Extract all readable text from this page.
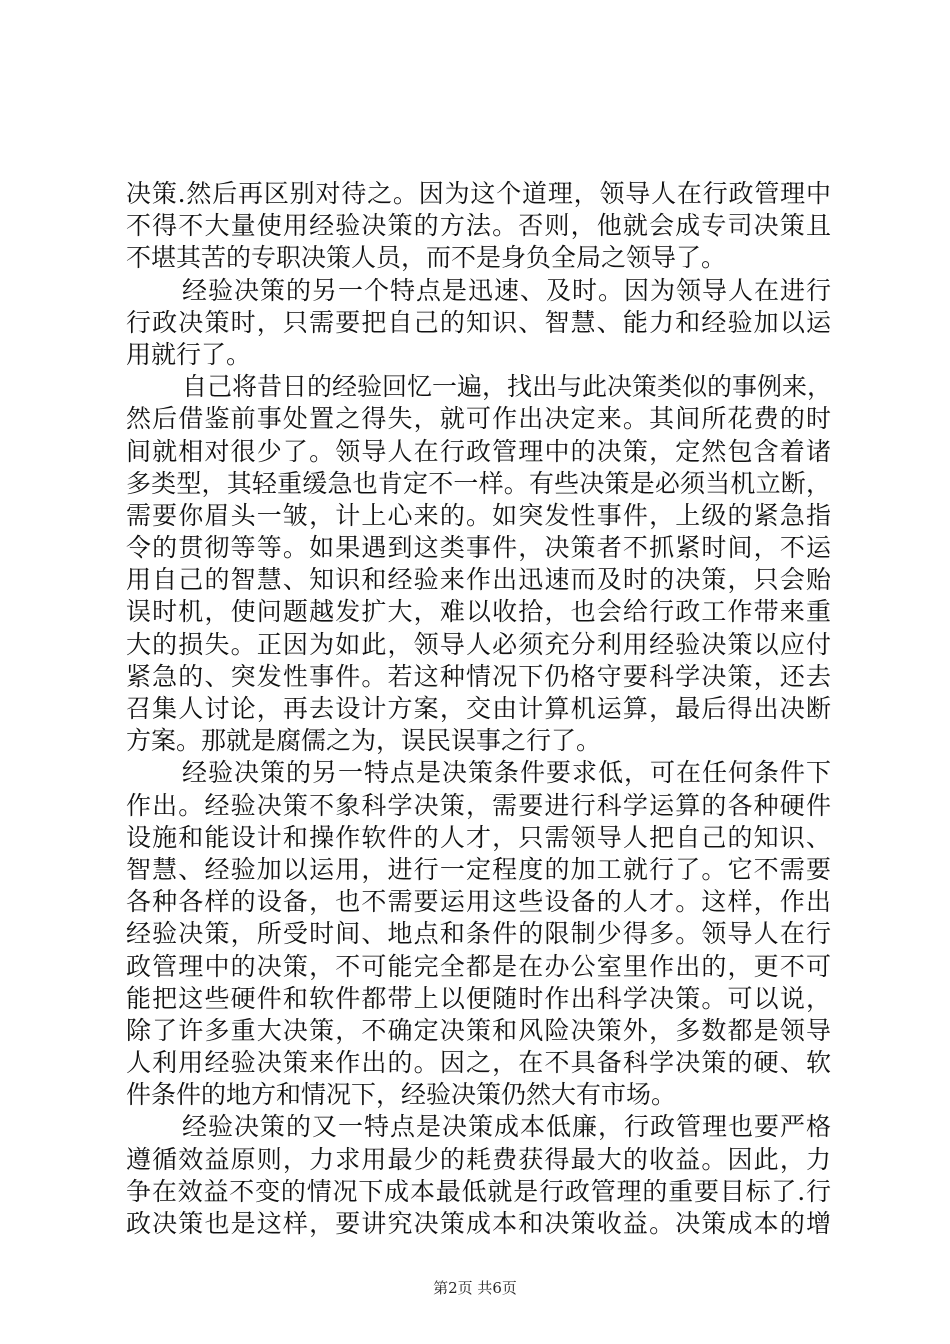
决策.然后再区别对待之。因为这个道理，领导人在行政管理中
不得不大量使用经验决策的方法。否则，他就会成专司决策且
不堪其苦的专职决策人员，而不是身负全局之领导了。
经验决策的另一个特点是迅速、及时。因为领导人在进行
行政决策时，只需要把自己的知识、智慧、能力和经验加以运
用就行了。
自己将昔日的经验回忆一遍，找出与此决策类似的事例来，
然后借鉴前事处置之得失，就可作出决定来。其间所花费的时
间就相对很少了。领导人在行政管理中的决策，定然包含着诸
多类型，其轻重缓急也肯定不一样。有些决策是必须当机立断，
需要你眉头一皱，计上心来的。如突发性事件，上级的紧急指
令的贯彻等等。如果遇到这类事件，决策者不抓紧时间，不运
用自己的智慧、知识和经验来作出迅速而及时的决策，只会贻
误时机，使问题越发扩大，难以收拾，也会给行政工作带来重
大的损失。正因为如此，领导人必须充分利用经验决策以应付
紧急的、突发性事件。若这种情况下仍格守要科学决策，还去
召集人讨论，再去设计方案，交由计算机运算，最后得出决断
方案。那就是腐儒之为，误民误事之行了。
经验决策的另一特点是决策条件要求低，可在任何条件下
作出。经验决策不象科学决策，需要进行科学运算的各种硬件
设施和能设计和操作软件的人才，只需领导人把自己的知识、
智慧、经验加以运用，进行一定程度的加工就行了。它不需要
各种各样的设备，也不需要运用这些设备的人才。这样，作出
经验决策，所受时间、地点和条件的限制少得多。领导人在行
政管理中的决策，不可能完全都是在办公室里作出的，更不可
能把这些硬件和软件都带上以便随时作出科学决策。可以说，
除了许多重大决策，不确定决策和风险决策外，多数都是领导
人利用经验决策来作出的。因之，在不具备科学决策的硬、软
件条件的地方和情况下，经验决策仍然大有市场。
经验决策的又一特点是决策成本低廉，行政管理也要严格
遵循效益原则，力求用最少的耗费获得最大的收益。因此，力
争在效益不变的情况下成本最低就是行政管理的重要目标了.行
政决策也是这样，要讲究决策成本和决策收益。决策成本的增
第2页 共6页
